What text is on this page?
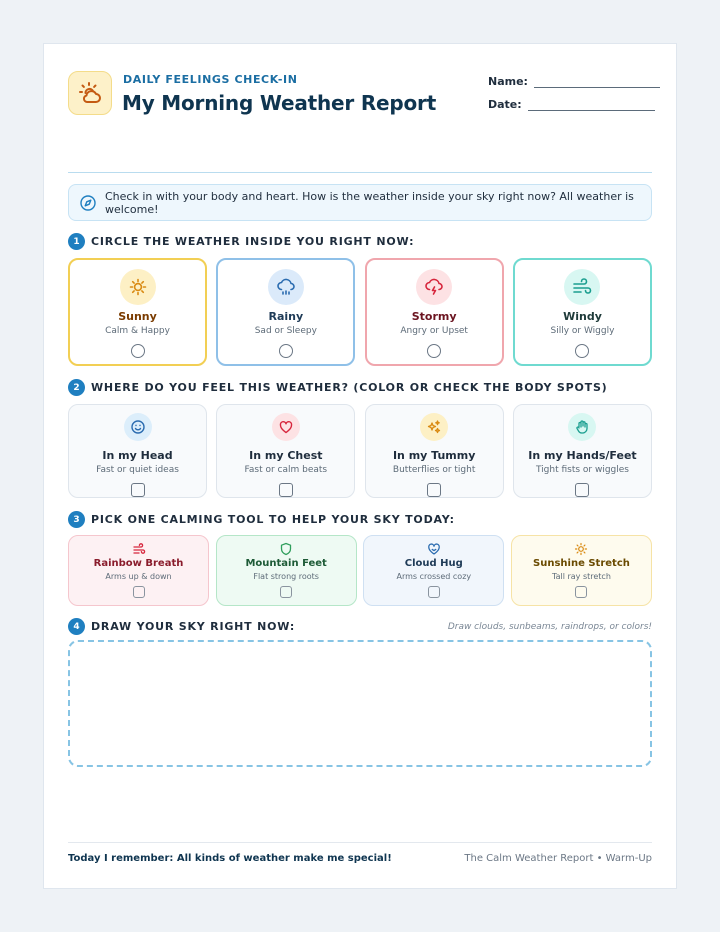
DAILY FEELINGS CHECK-IN
My Morning Weather Report
Name:
Date:
Check in with your body and heart. How is the weather inside your sky right now? All weather is welcome!
1	CIRCLE THE WEATHER INSIDE YOU RIGHT NOW:
Sunny
Calm & Happy
Rainy
Sad or Sleepy
Stormy
Angry or Upset
Windy
Silly or Wiggly
2	WHERE DO YOU FEEL THIS WEATHER? (COLOR OR CHECK THE BODY SPOTS)
In my Head
Fast or quiet ideas
In my Chest
Fast or calm beats
In my Tummy
Butterflies or tight
In my Hands/Feet
Tight fists or wiggles
3	PICK ONE CALMING TOOL TO HELP YOUR SKY TODAY:
Rainbow Breath
Arms up & down
Mountain Feet
Flat strong roots
Cloud Hug
Arms crossed cozy
Sunshine Stretch
Tall ray stretch
4	DRAW YOUR SKY RIGHT NOW:	Draw clouds, sunbeams, raindrops, or colors!
Today I remember: All kinds of weather make me special!	The Calm Weather Report • Warm-Up
